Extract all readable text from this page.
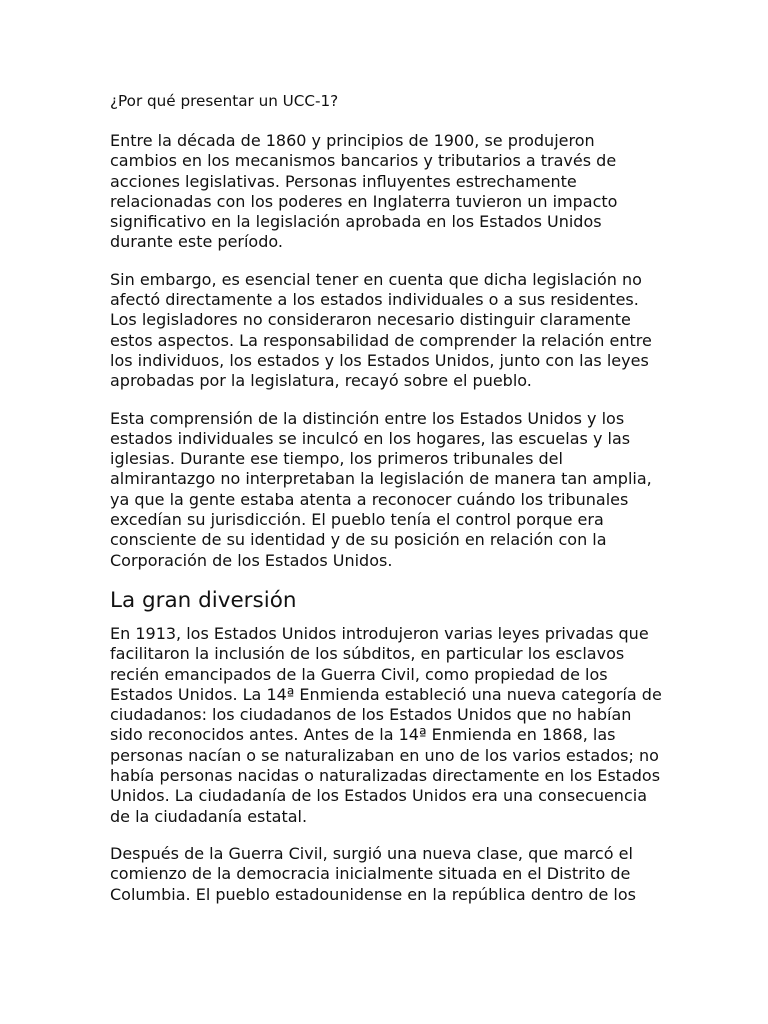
¿Por qué presentar un UCC-1?
Entre la década de 1860 y principios de 1900, se produjeron
cambios en los mecanismos bancarios y tributarios a través de
acciones legislativas. Personas influyentes estrechamente
relacionadas con los poderes en Inglaterra tuvieron un impacto
significativo en la legislación aprobada en los Estados Unidos
durante este período.
Sin embargo, es esencial tener en cuenta que dicha legislación no
afectó directamente a los estados individuales o a sus residentes.
Los legisladores no consideraron necesario distinguir claramente
estos aspectos. La responsabilidad de comprender la relación entre
los individuos, los estados y los Estados Unidos, junto con las leyes
aprobadas por la legislatura, recayó sobre el pueblo.
Esta comprensión de la distinción entre los Estados Unidos y los
estados individuales se inculcó en los hogares, las escuelas y las
iglesias. Durante ese tiempo, los primeros tribunales del
almirantazgo no interpretaban la legislación de manera tan amplia,
ya que la gente estaba atenta a reconocer cuándo los tribunales
excedían su jurisdicción. El pueblo tenía el control porque era
consciente de su identidad y de su posición en relación con la
Corporación de los Estados Unidos.
La gran diversión
En 1913, los Estados Unidos introdujeron varias leyes privadas que
facilitaron la inclusión de los súbditos, en particular los esclavos
recién emancipados de la Guerra Civil, como propiedad de los
Estados Unidos. La 14ª Enmienda estableció una nueva categoría de
ciudadanos: los ciudadanos de los Estados Unidos que no habían
sido reconocidos antes. Antes de la 14ª Enmienda en 1868, las
personas nacían o se naturalizaban en uno de los varios estados; no
había personas nacidas o naturalizadas directamente en los Estados
Unidos. La ciudadanía de los Estados Unidos era una consecuencia
de la ciudadanía estatal.
Después de la Guerra Civil, surgió una nueva clase, que marcó el
comienzo de la democracia inicialmente situada en el Distrito de
Columbia. El pueblo estadounidense en la república dentro de los
